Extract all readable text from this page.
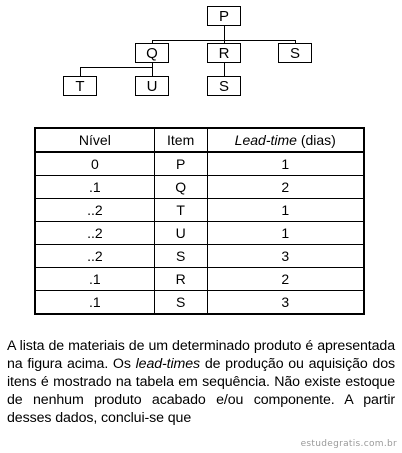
P
Q	R	S
T	U	S
Nível	Item	Lead-time (dias)
0	P	1
.1	Q	2
..2	T	1
..2	U	1
..2	S	3
.1	R	2
.1	S	3

A lista de materiais de um determinado produto é apresentada na figura acima. Os lead-times de produção ou aquisição dos itens é mostrado na tabela em sequência. Não existe estoque de nenhum produto acabado e/ou componente. A partir desses dados, conclui-se que

estudegratis.com.br
